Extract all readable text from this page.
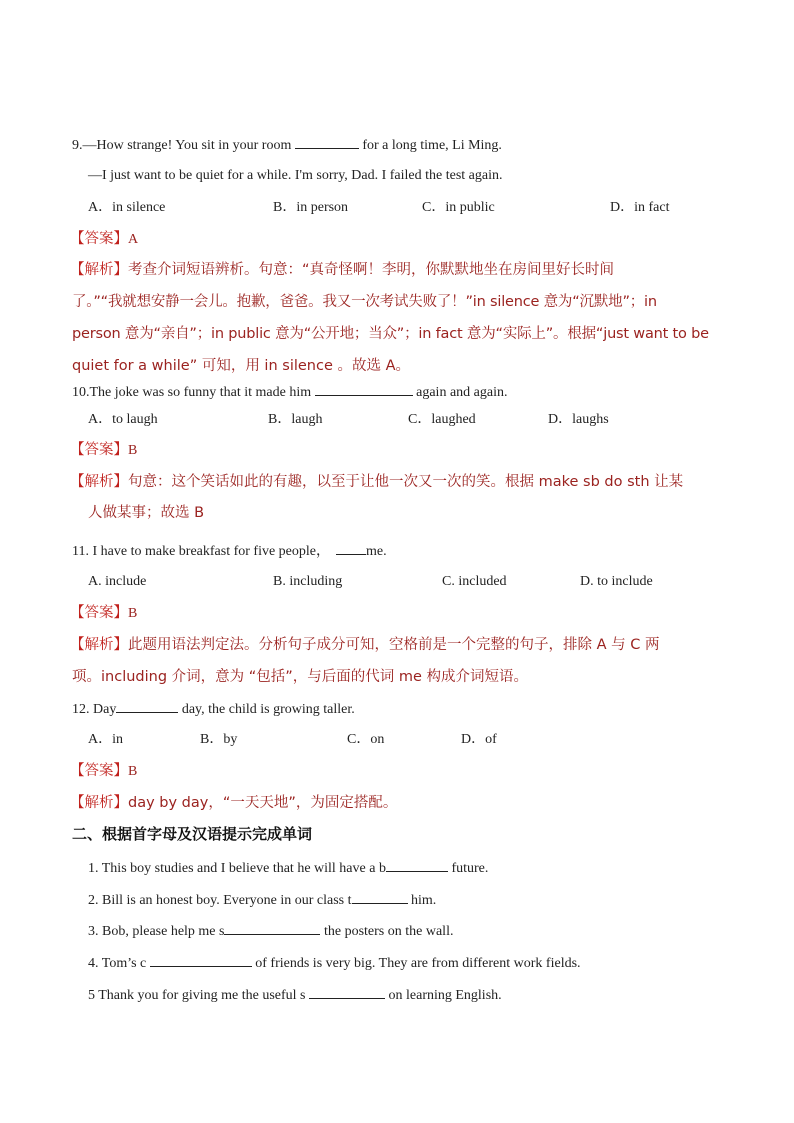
9.—How strange! You sit in your room	for a long time, Li Ming.
—I just want to be quiet for a while. I'm sorry, Dad. I failed the test again.
A．in silence	B．in person	C．in public	D．in fact
【答案】A
【解析】考查介词短语辨析。句意：“真奇怪啊！李明，你默默地坐在房间里好长时间
了。”“我就想安静一会儿。抱歉，爸爸。我又一次考试失败了！”in silence 意为“沉默地”；in
person 意为“亲自”；in public 意为“公开地；当众”；in fact 意为“实际上”。根据“just want to be
quiet for a while” 可知，用 in silence 。故选 A。
10.The joke was so funny that it made him	again and again.
A．to laugh	B．laugh	C．laughed	D．laughs
【答案】B
【解析】句意：这个笑话如此的有趣，以至于让他一次又一次的笑。根据 make sb do sth 让某
人做某事；故选 B
11. I have to make breakfast for five people，	me.
A. include	B. including	C. included	D. to include
【答案】B
【解析】此题用语法判定法。分析句子成分可知，空格前是一个完整的句子，排除 A 与 C 两
项。including 介词，意为 “包括”，与后面的代词 me 构成介词短语。
12. Day	day, the child is growing taller.
A．in	B．by	C．on	D．of
【答案】B
【解析】day by day，“一天天地”，为固定搭配。
二、根据首字母及汉语提示完成单词
1. This boy studies and I believe that he will have a b	future.
2. Bill is an honest boy. Everyone in our class t	him.
3. Bob, please help me s	the posters on the wall.
4. Tom’s c	of friends is very big. They are from different work fields.
5 Thank you for giving me the useful s	on learning English.
